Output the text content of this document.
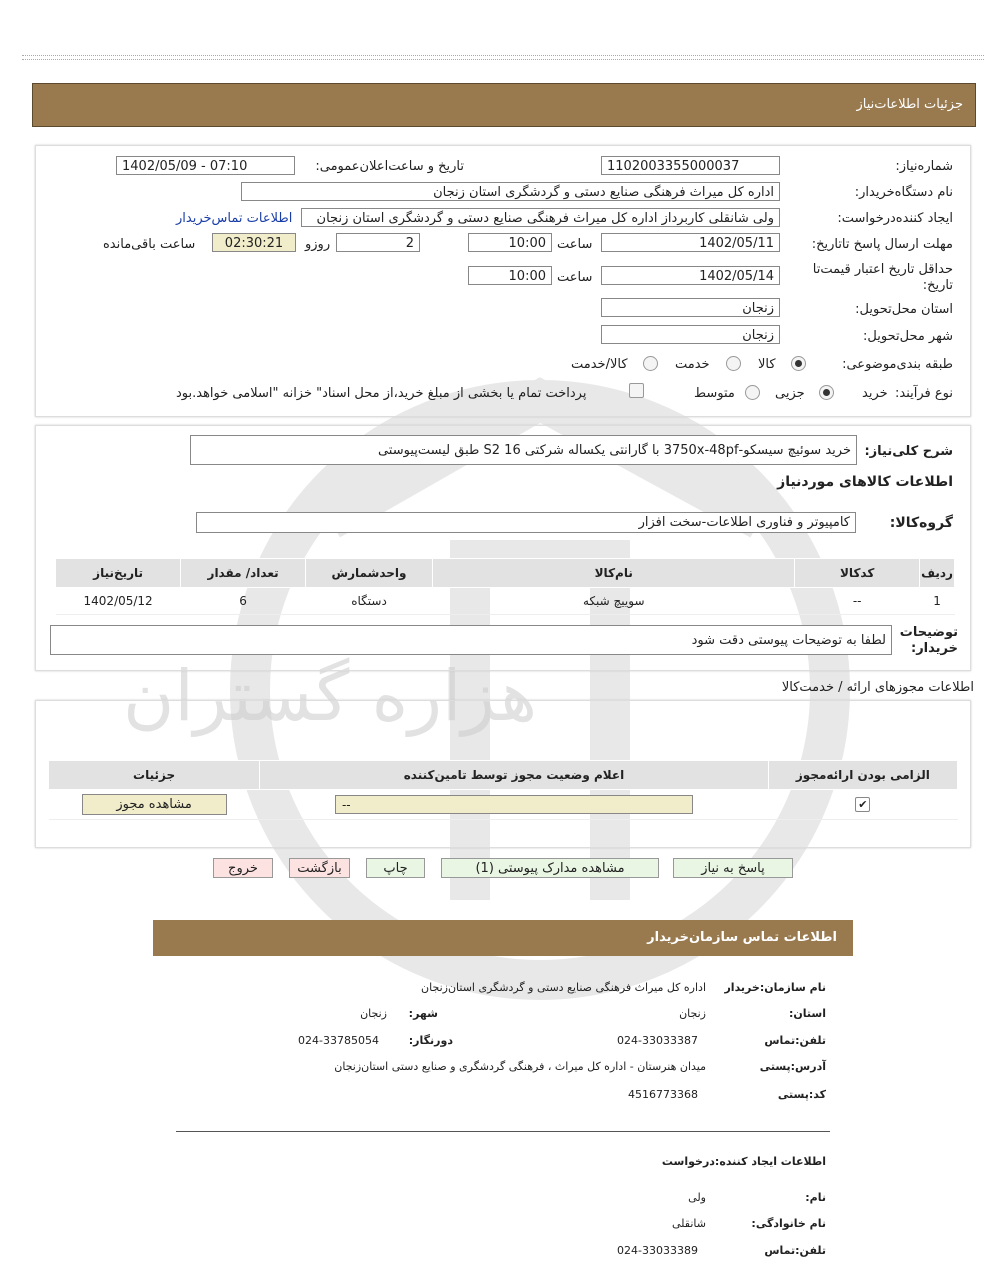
هزاره گستران
جزئیات اطلاعات‌نیاز
شماره‌نیاز:
1102003355000037
تاریخ و ساعت‌اعلان‌عمومی:
1402/05/09 - 07:10
نام دستگاه‌خریدار:
اداره کل میراث فرهنگی صنایع دستی و گردشگری استان زنجان
ایجاد کننده‌درخواست:
ولی شانقلی کاربرداز اداره کل میراث فرهنگی صنایع دستی و گردشگری استان زنجان
اطلاعات تماس‌خریدار
مهلت ارسال پاسخ تا‌تاریخ:
1402/05/11
ساعت
10:00
2
روزو
02:30:21
ساعت باقی‌مانده
حداقل تاریخ اعتبار قیمت‌تا تاریخ:
1402/05/14
ساعت
10:00
استان محل‌تحویل:
زنجان
شهر محل‌تحویل:
زنجان
طبقه بندی‌موضوعی:
کالا
خدمت
کالا/خدمت
نوع فرآیند:
خرید
جزیی
متوسط
پرداخت تمام یا بخشی از مبلغ خرید،از محل اسناد" خزانه "اسلامی خواهد.بود
شرح کلی‌نیاز:
خرید سوئیچ سیسکو-3750x-48pf با گارانتی یکساله شرکتی 16 S2 طبق لیست‌پیوستی
اطلاعات کالاهای مورد‌نیاز
گروه‌کالا:
کامپیوتر و فناوری اطلاعات-سخت افزار
ردیف	کدکالا	نام‌کالا	واحد‌شمارش	تعداد/ مقدار	تاریخ‌نیاز
1	--	سوییچ شبکه	دستگاه	6	1402/05/12
توضیحات خریدار:
لطفا به توضیحات پیوستی دقت شود
اطلاعات مجوزهای ارائه / خدمت‌کالا
الزامی بودن ارائه‌مجوز	اعلام وضعیت مجوز توسط تامین‌کننده	جزئیات
✔	--	مشاهده مجوز
پاسخ به نیاز
مشاهده مدارک پیوستی (1)
چاپ
بازگشت
خروج
اطلاعات تماس سازمان‌خریدار
نام سازمان:خریدار
اداره کل میراث فرهنگی صنایع دستی و گردشگری استان‌زنجان
استان:
زنجان
شهر:
زنجان
تلفن:تماس
024-33033387
دورنگار:
024-33785054
آدرس:پستی
میدان هنرستان - اداره کل میراث ، فرهنگی گردشگری و صنایع دستی استان‌زنجان
کد:پستی
4516773368
اطلاعات ایجاد کننده:درخواست
نام:
ولی
نام خانوادگی:
شانقلی
تلفن:تماس
024-33033389
